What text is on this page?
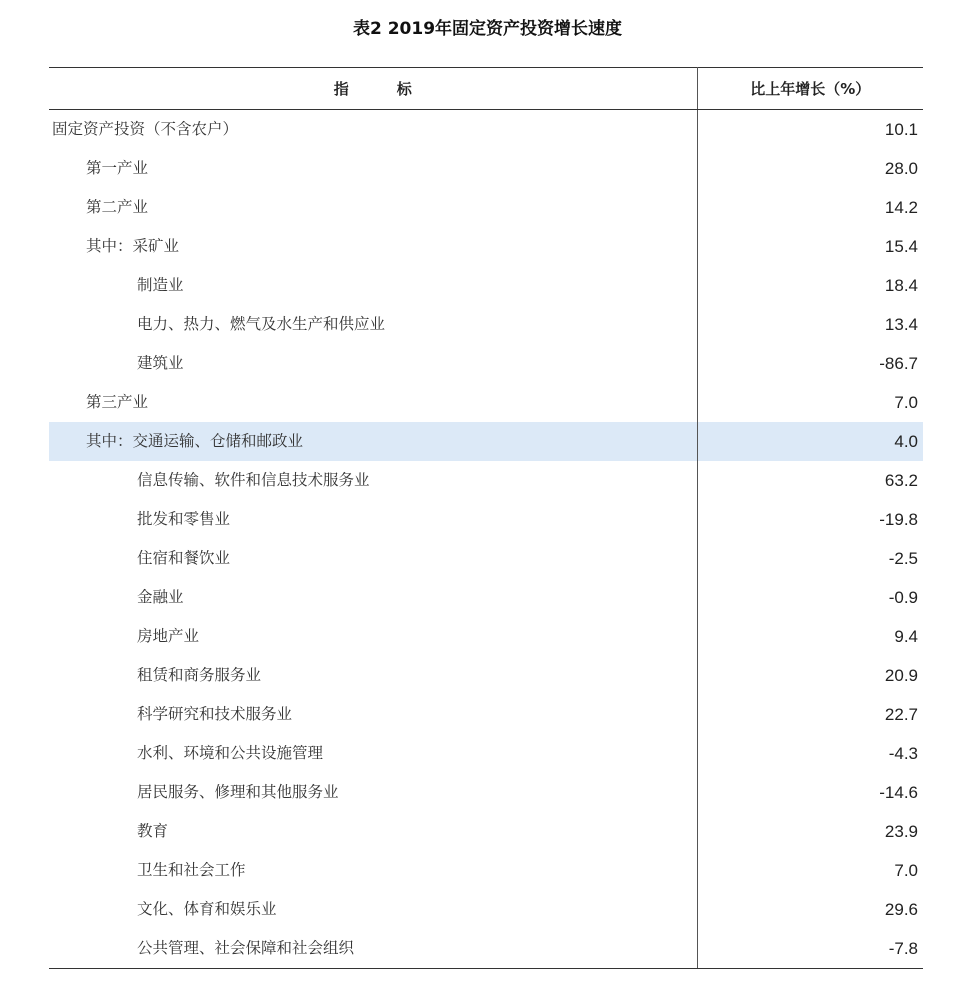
表2 2019年固定资产投资增长速度
指标	比上年增长（%）
固定资产投资（不含农户）	10.1
第一产业	28.0
第二产业	14.2
其中：采矿业	15.4
制造业	18.4
电力、热力、燃气及水生产和供应业	13.4
建筑业	-86.7
第三产业	7.0
其中：交通运输、仓储和邮政业	4.0
信息传输、软件和信息技术服务业	63.2
批发和零售业	-19.8
住宿和餐饮业	-2.5
金融业	-0.9
房地产业	9.4
租赁和商务服务业	20.9
科学研究和技术服务业	22.7
水利、环境和公共设施管理	-4.3
居民服务、修理和其他服务业	-14.6
教育	23.9
卫生和社会工作	7.0
文化、体育和娱乐业	29.6
公共管理、社会保障和社会组织	-7.8
